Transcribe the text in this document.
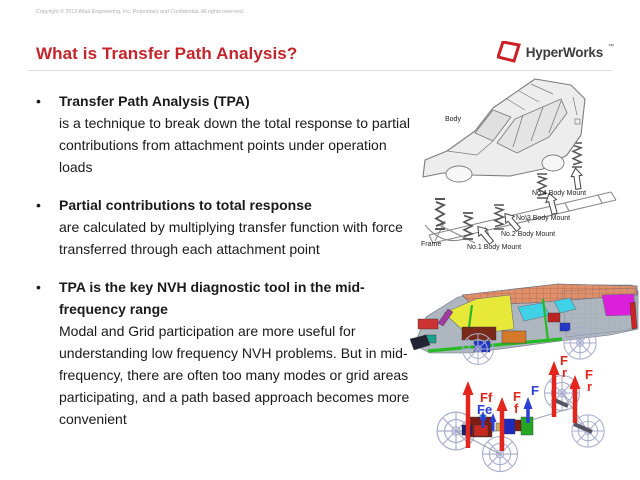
Copyright © 2012 Altair Engineering, Inc. Proprietary and Confidential. All rights reserved.
What is Transfer Path Analysis?	HyperWorks ™
•	Transfer Path Analysis (TPA)
is a technique to break down the total response to partial contributions from attachment points under operation loads
•	Partial contributions to total response
are calculated by multiplying transfer function with force transferred through each attachment point
•	TPA is the key NVH diagnostic tool in the mid-frequency range
Modal and Grid participation are more useful for understanding low frequency NVH problems. But in mid-frequency, there are often too many modes or grid areas participating, and a path based approach becomes more convenient
Body
No.4 Body Mount
No.3 Body Mount
No.2 Body Mount
No.1 Body Mount
Frame
Ff F
f
F
r F
r
Fe
F
